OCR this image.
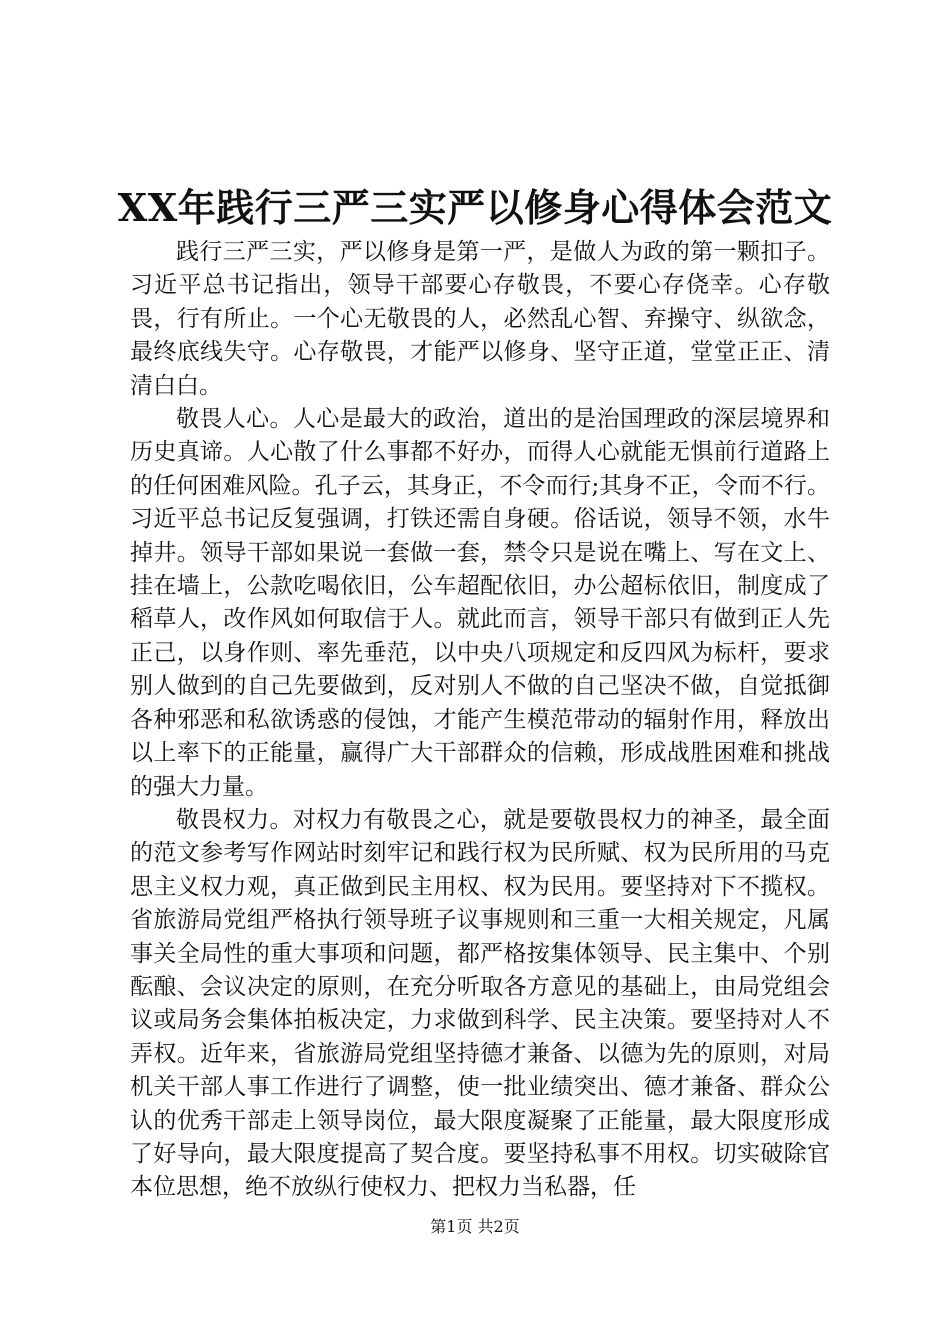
XX年践行三严三实严以修身心得体会范文

践行三严三实，严以修身是第一严，是做人为政的第一颗扣子。习近平总书记指出，领导干部要心存敬畏，不要心存侥幸。心存敬畏，行有所止。一个心无敬畏的人，必然乱心智、弃操守、纵欲念，最终底线失守。心存敬畏，才能严以修身、坚守正道，堂堂正正、清清白白。

敬畏人心。人心是最大的政治，道出的是治国理政的深层境界和历史真谛。人心散了什么事都不好办，而得人心就能无惧前行道路上的任何困难风险。孔子云，其身正，不令而行;其身不正，令而不行。习近平总书记反复强调，打铁还需自身硬。俗话说，领导不领，水牛掉井。领导干部如果说一套做一套，禁令只是说在嘴上、写在文上、挂在墙上，公款吃喝依旧，公车超配依旧，办公超标依旧，制度成了稻草人，改作风如何取信于人。就此而言，领导干部只有做到正人先正己，以身作则、率先垂范，以中央八项规定和反四风为标杆，要求别人做到的自己先要做到，反对别人不做的自己坚决不做，自觉抵御各种邪恶和私欲诱惑的侵蚀，才能产生模范带动的辐射作用，释放出以上率下的正能量，赢得广大干部群众的信赖，形成战胜困难和挑战的强大力量。

敬畏权力。对权力有敬畏之心，就是要敬畏权力的神圣，最全面的范文参考写作网站时刻牢记和践行权为民所赋、权为民所用的马克思主义权力观，真正做到民主用权、权为民用。要坚持对下不揽权。省旅游局党组严格执行领导班子议事规则和三重一大相关规定，凡属事关全局性的重大事项和问题，都严格按集体领导、民主集中、个别酝酿、会议决定的原则，在充分听取各方意见的基础上，由局党组会议或局务会集体拍板决定，力求做到科学、民主决策。要坚持对人不弄权。近年来，省旅游局党组坚持德才兼备、以德为先的原则，对局机关干部人事工作进行了调整，使一批业绩突出、德才兼备、群众公认的优秀干部走上领导岗位，最大限度凝聚了正能量，最大限度形成了好导向，最大限度提高了契合度。要坚持私事不用权。切实破除官本位思想，绝不放纵行使权力、把权力当私器，任

第1页 共2页
